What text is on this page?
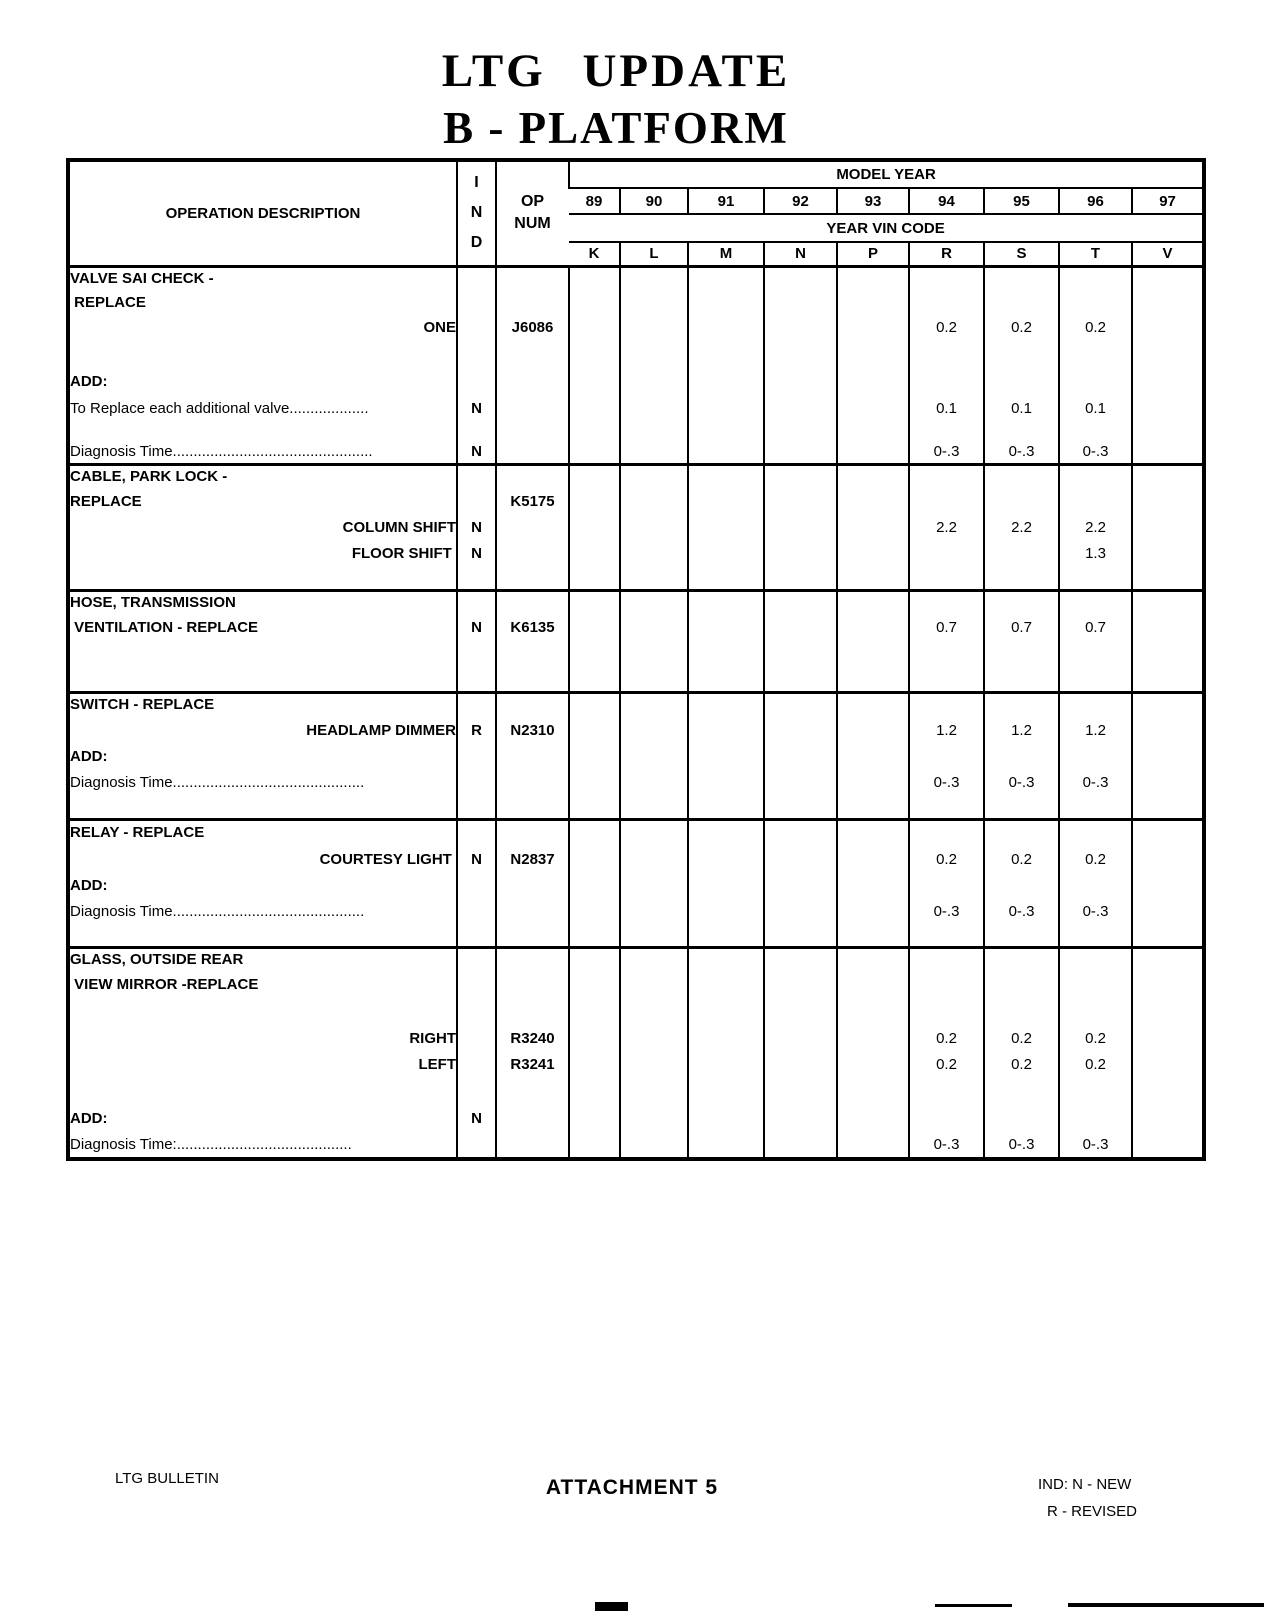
LTG UPDATE
B - PLATFORM
OPERATION DESCRIPTION	
I
N
D

OP
NUM
	MODEL YEAR
			89	90	91	92	93	94	95	96	97
			YEAR VIN CODE								
			K	L	M	N	P	R	S	T	V
VALVE SAI CHECK -											
REPLACE											
ONE		J6086						0.2	0.2	0.2	

ADD:											
To Replace each additional valve...................	N							0.1	0.1	0.1	

Diagnosis Time................................................	N							0-.3	0-.3	0-.3	
CABLE, PARK LOCK -											
REPLACE		K5175									
COLUMN SHIFT	N							2.2	2.2	2.2	
FLOOR SHIFT	N									1.3	

HOSE, TRANSMISSION											
VENTILATION - REPLACE	N	K6135						0.7	0.7	0.7	

SWITCH - REPLACE											
HEADLAMP DIMMER	R	N2310						1.2	1.2	1.2	
ADD:											
Diagnosis Time..............................................								0-.3	0-.3	0-.3	

RELAY - REPLACE											
COURTESY LIGHT	N	N2837						0.2	0.2	0.2	
ADD:											
Diagnosis Time..............................................								0-.3	0-.3	0-.3	

GLASS, OUTSIDE REAR											
VIEW MIRROR -REPLACE											

RIGHT		R3240						0.2	0.2	0.2	
LEFT		R3241						0.2	0.2	0.2	

ADD:	N										
Diagnosis Time:..........................................								0-.3	0-.3	0-.3	
LTG BULLETIN	ATTACHMENT 5	IND: N - NEW
R - REVISED
